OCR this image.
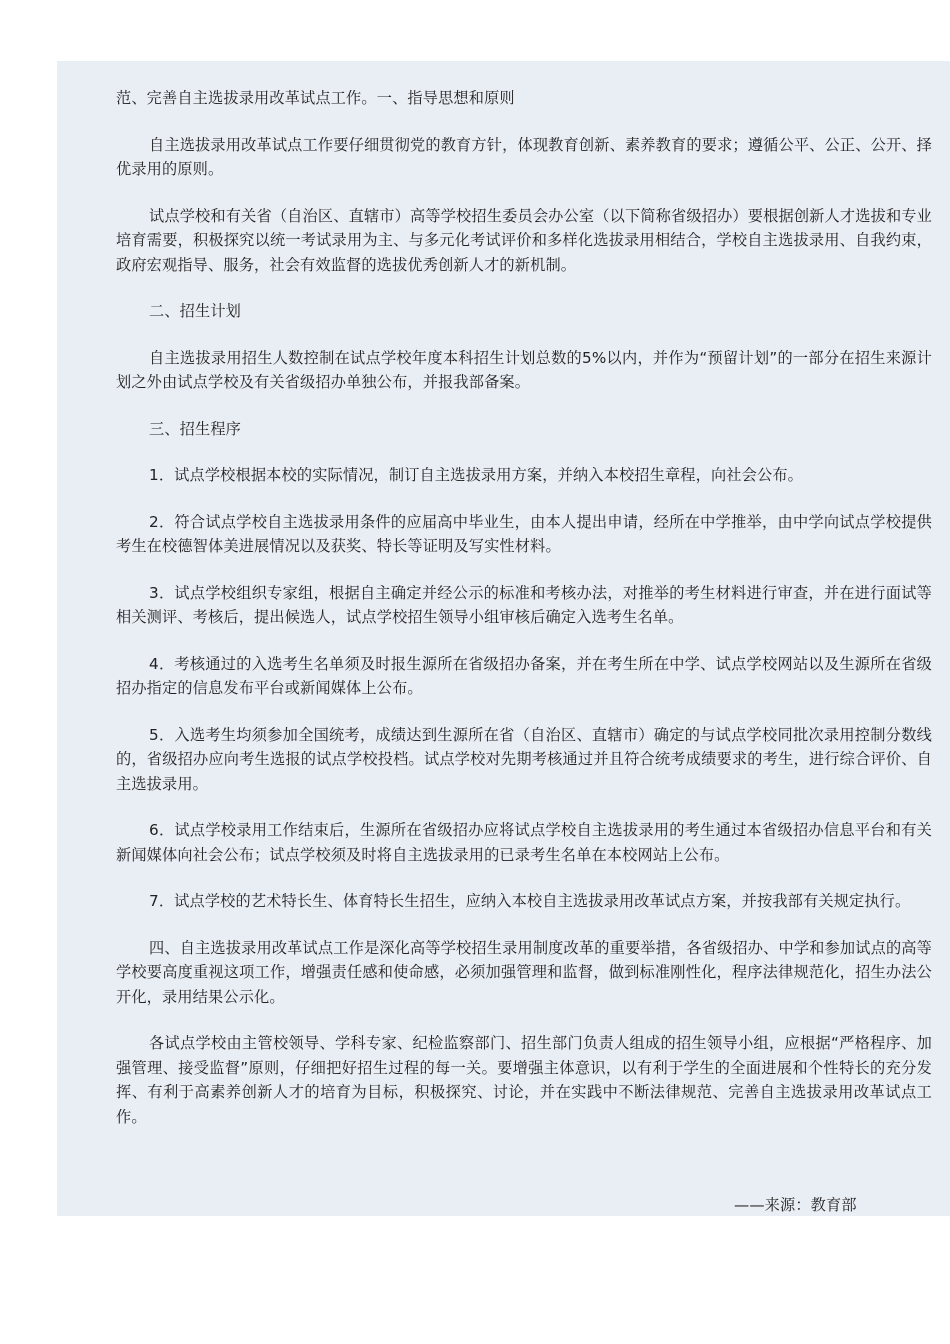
范、完善自主选拔录用改革试点工作。一、指导思想和原则

自主选拔录用改革试点工作要仔细贯彻党的教育方针，体现教育创新、素养教育的要求；遵循公平、公正、公开、择优录用的原则。

试点学校和有关省（自治区、直辖市）高等学校招生委员会办公室（以下简称省级招办）要根据创新人才选拔和专业培育需要，积极探究以统一考试录用为主、与多元化考试评价和多样化选拔录用相结合，学校自主选拔录用、自我约束，政府宏观指导、服务，社会有效监督的选拔优秀创新人才的新机制。

二、招生计划

自主选拔录用招生人数控制在试点学校年度本科招生计划总数的5%以内，并作为“预留计划”的一部分在招生来源计划之外由试点学校及有关省级招办单独公布，并报我部备案。

三、招生程序

1．试点学校根据本校的实际情况，制订自主选拔录用方案，并纳入本校招生章程，向社会公布。

2．符合试点学校自主选拔录用条件的应届高中毕业生，由本人提出申请，经所在中学推举，由中学向试点学校提供考生在校德智体美进展情况以及获奖、特长等证明及写实性材料。

3．试点学校组织专家组，根据自主确定并经公示的标准和考核办法，对推举的考生材料进行审查，并在进行面试等相关测评、考核后，提出候选人，试点学校招生领导小组审核后确定入选考生名单。

4．考核通过的入选考生名单须及时报生源所在省级招办备案，并在考生所在中学、试点学校网站以及生源所在省级招办指定的信息发布平台或新闻媒体上公布。

5．入选考生均须参加全国统考，成绩达到生源所在省（自治区、直辖市）确定的与试点学校同批次录用控制分数线的，省级招办应向考生选报的试点学校投档。试点学校对先期考核通过并且符合统考成绩要求的考生，进行综合评价、自主选拔录用。

6．试点学校录用工作结束后，生源所在省级招办应将试点学校自主选拔录用的考生通过本省级招办信息平台和有关新闻媒体向社会公布；试点学校须及时将自主选拔录用的已录考生名单在本校网站上公布。

7．试点学校的艺术特长生、体育特长生招生，应纳入本校自主选拔录用改革试点方案，并按我部有关规定执行。

四、自主选拔录用改革试点工作是深化高等学校招生录用制度改革的重要举措，各省级招办、中学和参加试点的高等学校要高度重视这项工作，增强责任感和使命感，必须加强管理和监督，做到标准刚性化，程序法律规范化，招生办法公开化，录用结果公示化。

各试点学校由主管校领导、学科专家、纪检监察部门、招生部门负责人组成的招生领导小组，应根据“严格程序、加强管理、接受监督”原则，仔细把好招生过程的每一关。要增强主体意识，以有利于学生的全面进展和个性特长的充分发挥、有利于高素养创新人才的培育为目标，积极探究、讨论，并在实践中不断法律规范、完善自主选拔录用改革试点工作。

——来源：教育部
